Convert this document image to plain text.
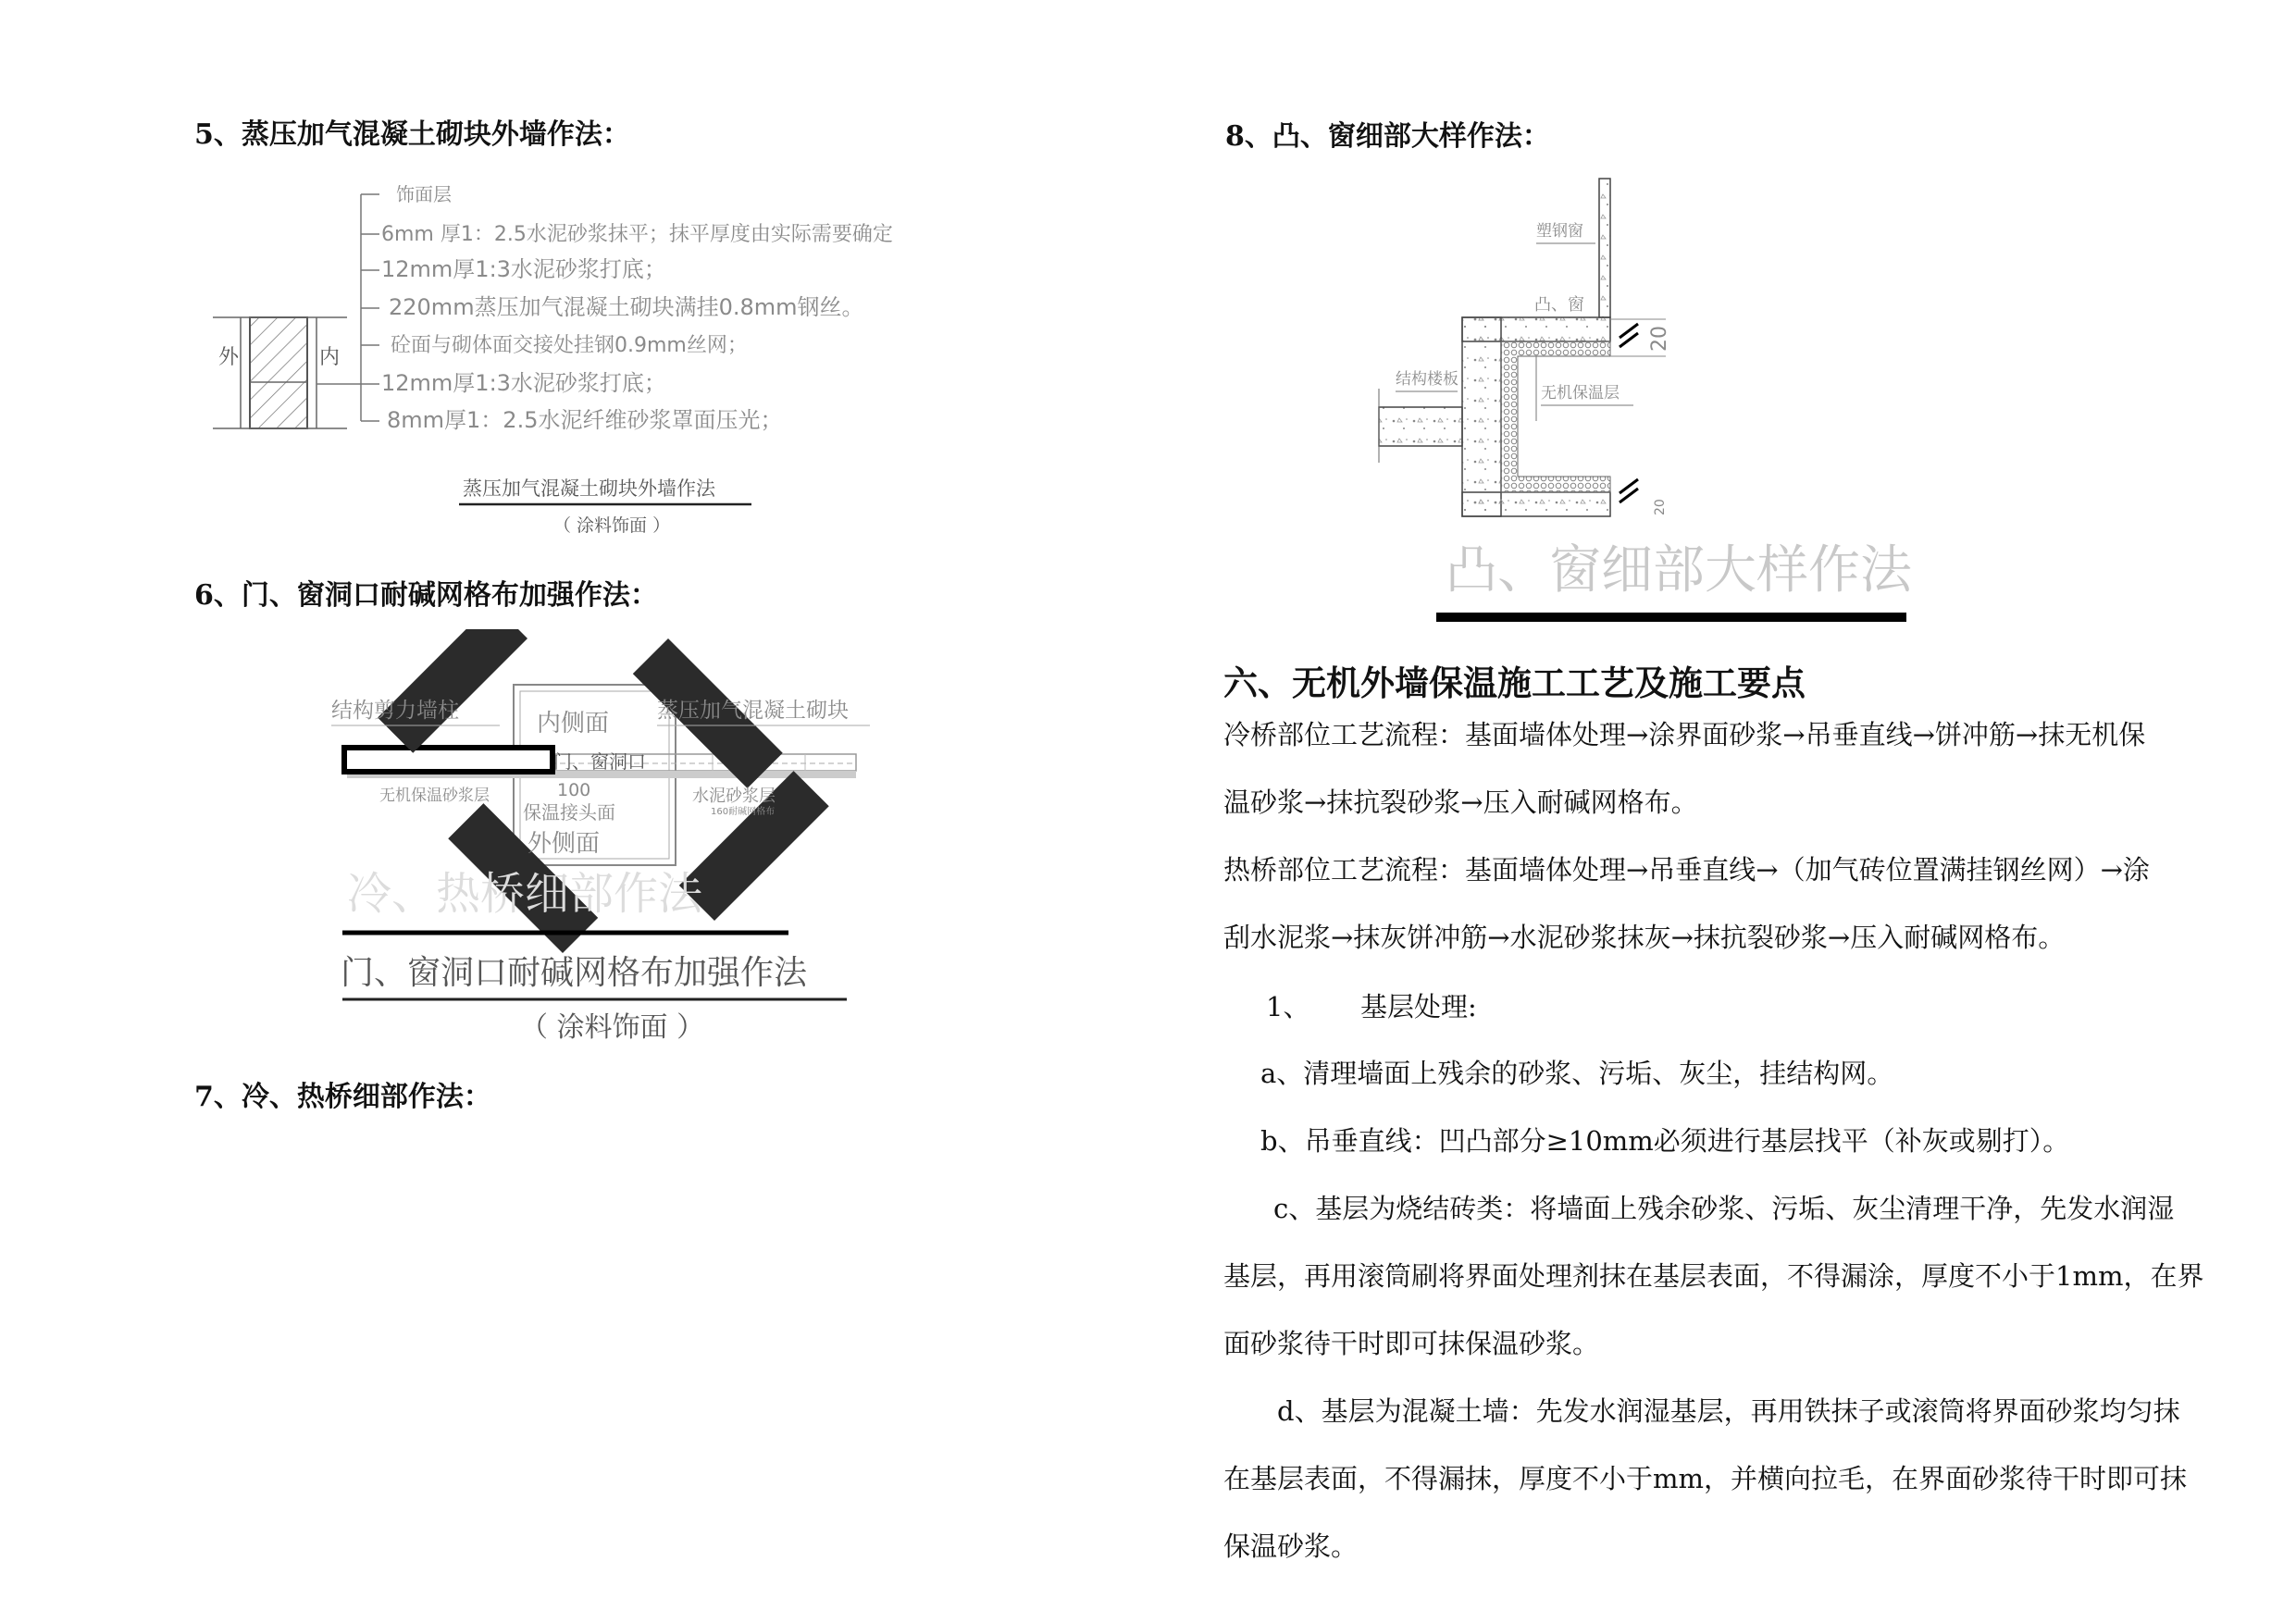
5、蒸压加气混凝土砌块外墙作法：
外	内
饰面层
6mm 厚1：2.5水泥砂浆抹平；抹平厚度由实际需要确定
12mm厚1:3水泥砂浆打底；
220mm蒸压加气混凝土砌块满挂0.8mm钢丝。
砼面与砌体面交接处挂钢0.9mm丝网；
12mm厚1:3水泥砂浆打底；
8mm厚1：2.5水泥纤维砂浆罩面压光；
蒸压加气混凝土砌块外墙作法
（ 涂料饰面 ）
6、门、窗洞口耐碱网格布加强作法：
结构剪力墙柱	蒸压加气混凝土砌块
内侧面
门、窗洞口
无机保温砂浆层	100
保温接头面
外侧面
水泥砂浆层
160耐碱网格布
冷、热桥细部作法
门、窗洞口耐碱网格布加强作法
（ 涂料饰面 ）
7、冷、热桥细部作法：
8、凸、窗细部大样作法：
塑钢窗
凸、窗
结构楼板
无机保温层
20
20
凸、窗细部大样作法
六、无机外墙保温施工工艺及施工要点
冷桥部位工艺流程：基面墙体处理→涂界面砂浆→吊垂直线→饼冲筋→抹无机保
温砂浆→抹抗裂砂浆→压入耐碱网格布。
热桥部位工艺流程：基面墙体处理→吊垂直线→（加气砖位置满挂钢丝网）→涂
刮水泥浆→抹灰饼冲筋→水泥砂浆抹灰→抹抗裂砂浆→压入耐碱网格布。
1、 基层处理:
a、清理墙面上残余的砂浆、污垢、灰尘，挂结构网。
b、吊垂直线：凹凸部分≥10mm必须进行基层找平（补灰或剔打）。
c、基层为烧结砖类：将墙面上残余砂浆、污垢、灰尘清理干净，先发水润湿
基层，再用滚筒刷将界面处理剂抹在基层表面，不得漏涂，厚度不小于1mm，在界
面砂浆待干时即可抹保温砂浆。
d、基层为混凝土墙：先发水润湿基层，再用铁抹子或滚筒将界面砂浆均匀抹
在基层表面，不得漏抹，厚度不小于mm，并横向拉毛，在界面砂浆待干时即可抹
保温砂浆。
